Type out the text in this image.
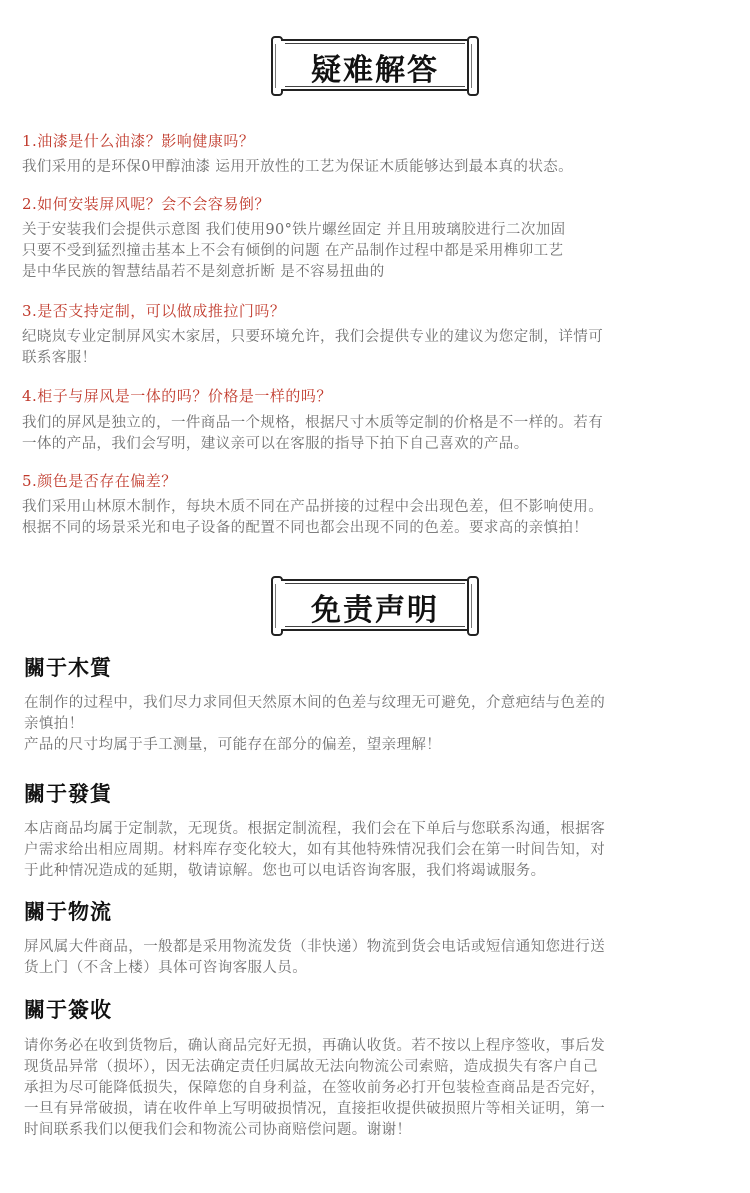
疑难解答
1.油漆是什么油漆？影响健康吗？
我们采用的是环保0甲醇油漆 运用开放性的工艺为保证木质能够达到最本真的状态。
2.如何安装屏风呢？会不会容易倒？
关于安装我们会提供示意图 我们使用90°铁片螺丝固定 并且用玻璃胶进行二次加固
只要不受到猛烈撞击基本上不会有倾倒的问题 在产品制作过程中都是采用榫卯工艺
是中华民族的智慧结晶若不是刻意折断 是不容易扭曲的
3.是否支持定制，可以做成推拉门吗？
纪晓岚专业定制屏风实木家居，只要环境允许，我们会提供专业的建议为您定制，详情可
联系客服！
4.柜子与屏风是一体的吗？价格是一样的吗？
我们的屏风是独立的，一件商品一个规格，根据尺寸木质等定制的价格是不一样的。若有
一体的产品，我们会写明，建议亲可以在客服的指导下拍下自己喜欢的产品。
5.颜色是否存在偏差？
我们采用山林原木制作，每块木质不同在产品拼接的过程中会出现色差，但不影响使用。
根据不同的场景采光和电子设备的配置不同也都会出现不同的色差。要求高的亲慎拍！
免责声明
關于木質
在制作的过程中，我们尽力求同但天然原木间的色差与纹理无可避免，介意疤结与色差的
亲慎拍！
产品的尺寸均属于手工测量，可能存在部分的偏差，望亲理解！
關于發貨
本店商品均属于定制款，无现货。根据定制流程，我们会在下单后与您联系沟通，根据客
户需求给出相应周期。材料库存变化较大，如有其他特殊情况我们会在第一时间告知，对
于此种情况造成的延期，敬请谅解。您也可以电话咨询客服，我们将竭诚服务。
關于物流
屏风属大件商品，一般都是采用物流发货（非快递）物流到货会电话或短信通知您进行送
货上门（不含上楼）具体可咨询客服人员。
關于簽收
请你务必在收到货物后，确认商品完好无损，再确认收货。若不按以上程序签收，事后发
现货品异常（损坏），因无法确定责任归属故无法向物流公司索赔，造成损失有客户自己
承担为尽可能降低损失，保障您的自身利益，在签收前务必打开包装检查商品是否完好，
一旦有异常破损，请在收件单上写明破损情况，直接拒收提供破损照片等相关证明，第一
时间联系我们以便我们会和物流公司协商赔偿问题。谢谢！
